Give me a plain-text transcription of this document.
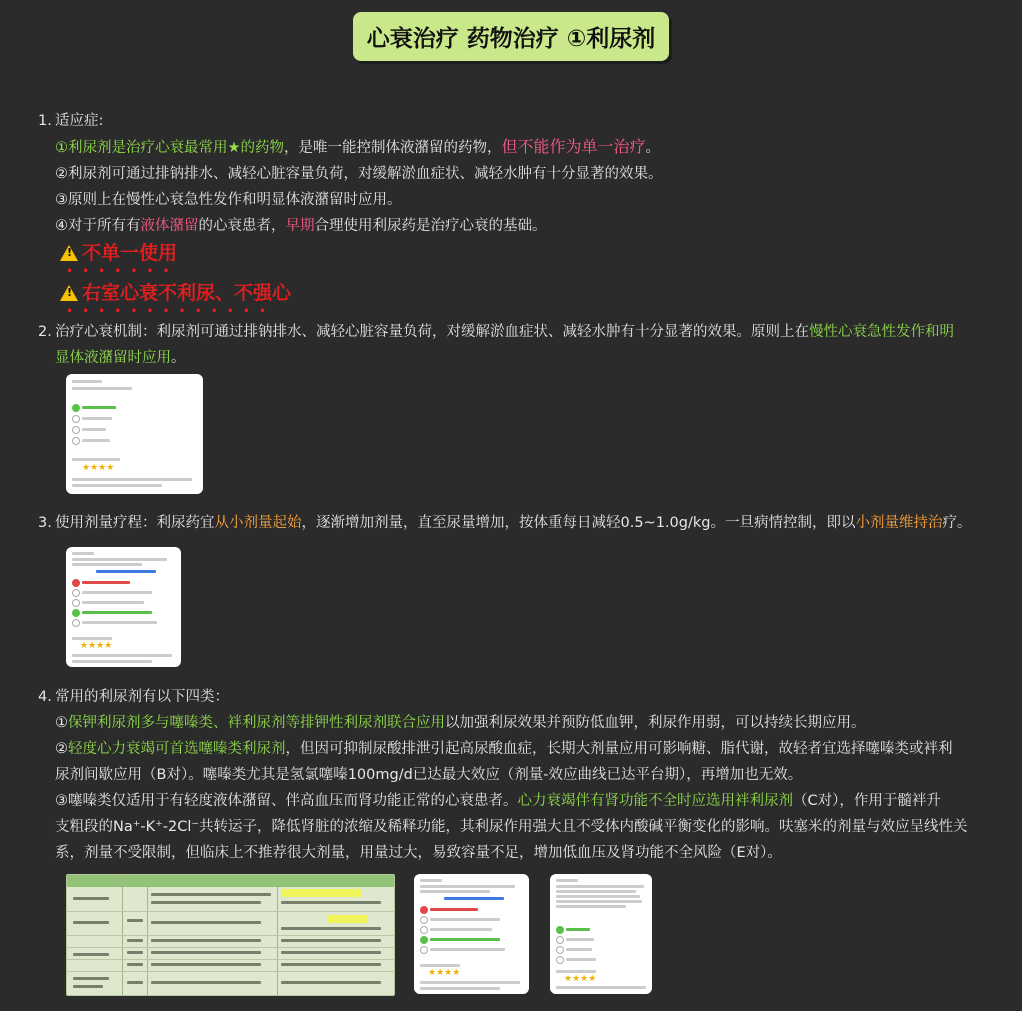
心衰治疗 药物治疗 ①利尿剂
1. 适应症:
①利尿剂是治疗心衰最常用★的药物，是唯一能控制体液潴留的药物，但不能作为单一治疗。
②利尿剂可通过排钠排水、减轻心脏容量负荷，对缓解淤血症状、减轻水肿有十分显著的效果。
③原则上在慢性心衰急性发作和明显体液潴留时应用。
④对于所有有液体潴留的心衰患者，早期合理使用利尿药是治疗心衰的基础。
!不单一使用
•••••••
!右室心衰不利尿、不强心
•••••••••••••
2. 治疗心衰机制：利尿剂可通过排钠排水、减轻心脏容量负荷，对缓解淤血症状、减轻水肿有十分显著的效果。原则上在慢性心衰急性发作和明
显体液潴留时应用。
★★★★
3. 使用剂量疗程：利尿药宜从小剂量起始，逐渐增加剂量，直至尿量增加，按体重每日减轻0.5~1.0g/kg。一旦病情控制，即以小剂量维持治疗。
★★★★
4. 常用的利尿剂有以下四类：
①保钾利尿剂多与噻嗪类、袢利尿剂等排钾性利尿剂联合应用以加强利尿效果并预防低血钾，利尿作用弱，可以持续长期应用。
②轻度心力衰竭可首选噻嗪类利尿剂，但因可抑制尿酸排泄引起高尿酸血症，长期大剂量应用可影响糖、脂代谢，故轻者宜选择噻嗪类或袢利
尿剂间歇应用（B对）。噻嗪类尤其是氢氯噻嗪100mg/d已达最大效应（剂量-效应曲线已达平台期），再增加也无效。
③噻嗪类仅适用于有轻度液体潴留、伴高血压而肾功能正常的心衰患者。心力衰竭伴有肾功能不全时应选用袢利尿剂（C对），作用于髓袢升
支粗段的Na⁺-K⁺-2Cl⁻共转运子，降低肾脏的浓缩及稀释功能，其利尿作用强大且不受体内酸碱平衡变化的影响。呋塞米的剂量与效应呈线性关
系，剂量不受限制，但临床上不推荐很大剂量，用量过大，易致容量不足，增加低血压及肾功能不全风险（E对）。
★★★★
★★★★
